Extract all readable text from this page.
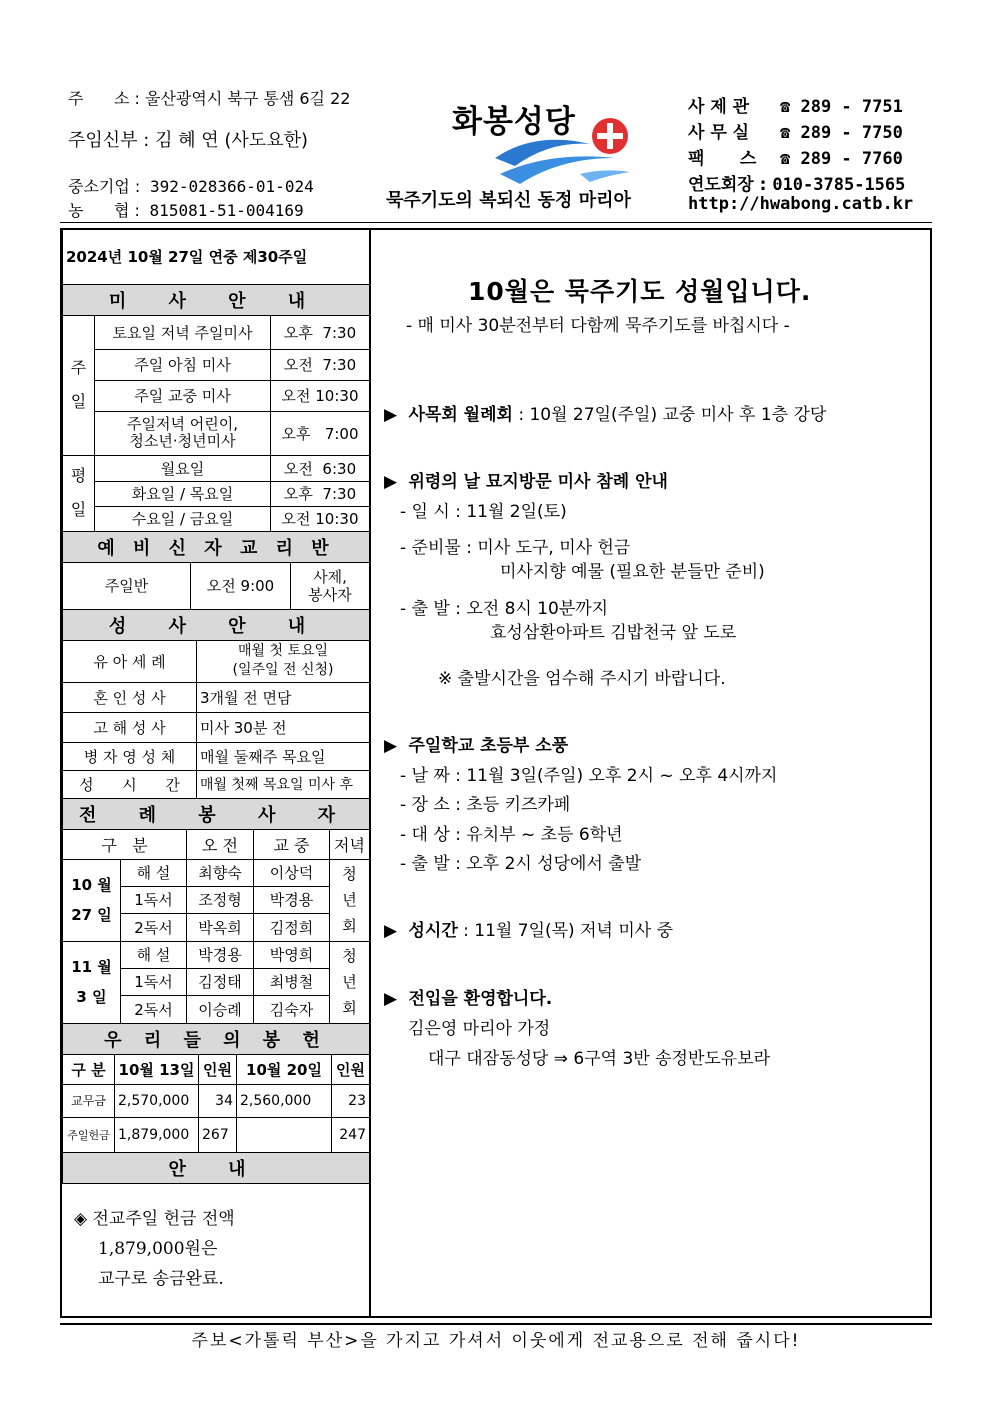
주      소 : 울산광역시 북구 통샘 6길 22
주임신부 : 김 혜 연 (사도요한)
중소기업 : 392-028366-01-024
농      협 : 815081-51-004169
화봉성당
묵주기도의 복되신 동정 마리아
사 제 관 ☎ 289 - 7751
사 무 실 ☎ 289 - 7750
팩      스 ☎ 289 - 7760
연도회장 : 010-3785-1565
http://hwabong.catb.kr
2024년 10월 27일 연중 제30주일		
미 사 안 내		
주
일	토요일 저녁 주일미사	오후  7:30
	주일 아침 미사	오전  7:30
	주일 교중 미사	오전 10:30
	주일저녁 어린이,
청소년·청년미사	오후   7:00
평
일	월요일	오전  6:30
	화요일 / 목요일	오후  7:30
	수요일 / 금요일	오전 10:30
예 비 신 자 교 리 반		
주일반	오전 9:00	사제,
봉사자
성 사 안 내
유 아 세 례	매월 첫 토요일
(일주일 전 신청)
혼 인 성 사	3개월 전 면담
고 해 성 사	미사 30분 전
병 자 영 성 체	매월 둘째주 목요일
성      시      간	매월 첫째 목요일 미사 후
전 례 봉 사 자	
구   분		오 전	교 중	저녁
10 월
27 일	해 설	최향숙	이상덕	청
년
회
	1독서	조정형	박경용	
	2독서	박옥희	김정희	
11 월
3 일	해 설	박경용	박영희	청
년
회
	1독서	김정태	최병철	
	2독서	이승례	김숙자	
우 리 들 의 봉 헌				
구 분	10월 13일	인원	10월 20일	인원
교무금	2,570,000	34	2,560,000	23
주일헌금	1,879,000	267		247
안 내				
◈ 전교주일 헌금 전액
1,879,000원은
교구로 송금완료.
10월은 묵주기도 성월입니다.
- 매 미사 30분전부터 다함께 묵주기도를 바칩시다 -
▶ 사목회 월례회 : 10월 27일(주일) 교중 미사 후 1층 강당
▶ 위령의 날 묘지방문 미사 참례 안내
- 일 시 : 11월 2일(토)
- 준비물 : 미사 도구, 미사 헌금
미사지향 예물 (필요한 분들만 준비)
- 출 발 : 오전 8시 10분까지
효성삼환아파트 김밥천국 앞 도로
※ 출발시간을 엄수해 주시기 바랍니다.
▶ 주일학교 초등부 소풍
- 날 짜 : 11월 3일(주일) 오후 2시 ~ 오후 4시까지
- 장 소 : 초등 키즈카페
- 대 상 : 유치부 ~ 초등 6학년
- 출 발 : 오후 2시 성당에서 출발
▶ 성시간 : 11월 7일(목) 저녁 미사 중
▶ 전입을 환영합니다.
김은영 마리아 가정
대구 대잠동성당 ⇒ 6구역 3반 송정반도유보라
주보<가톨릭 부산>을 가지고 가셔서 이웃에게 전교용으로 전해 줍시다!
